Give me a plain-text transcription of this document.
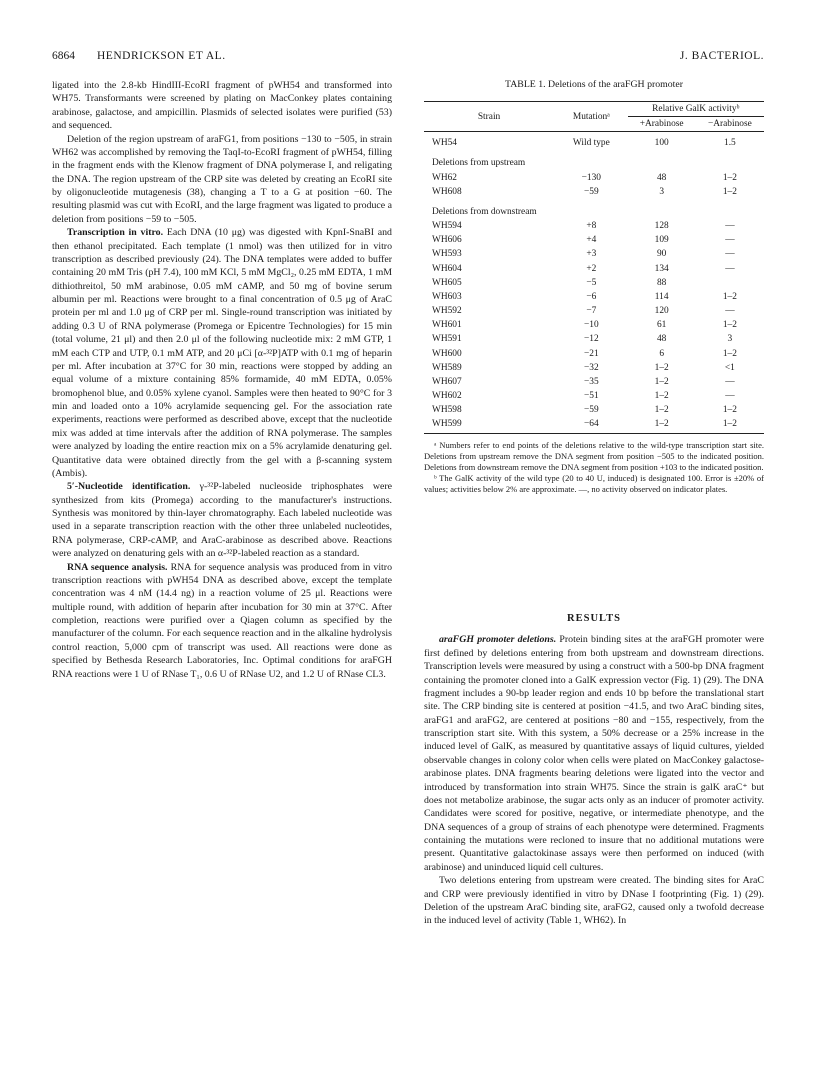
6864 HENDRICKSON ET AL.	J. BACTERIOL.

ligated into the 2.8-kb HindIII-EcoRI fragment of pWH54 and transformed into WH75. Transformants were screened by plating on MacConkey plates containing arabinose, galactose, and ampicillin. Plasmids of selected isolates were purified (53) and sequenced.

Deletion of the region upstream of araFG1, from positions −130 to −505, in strain WH62 was accomplished by removing the TaqI-to-EcoRI fragment of pWH54, filling in the fragment ends with the Klenow fragment of DNA polymerase I, and religating the DNA. The region upstream of the CRP site was deleted by creating an EcoRI site by oligonucleotide mutagenesis (38), changing a T to a G at position −60. The resulting plasmid was cut with EcoRI, and the large fragment was ligated to produce a deletion from positions −59 to −505.

Transcription in vitro. Each DNA (10 μg) was digested with KpnI-SnaBI and then ethanol precipitated. Each template (1 nmol) was then utilized for in vitro transcription as described previously (24). The DNA templates were added to buffer containing 20 mM Tris (pH 7.4), 100 mM KCl, 5 mM MgCl₂, 0.25 mM EDTA, 1 mM dithiothreitol, 50 mM arabinose, 0.05 mM cAMP, and 50 mg of bovine serum albumin per ml. Reactions were brought to a final concentration of 0.5 μg of AraC protein per ml and 1.0 μg of CRP per ml. Single-round transcription was initiated by adding 0.3 U of RNA polymerase (Promega or Epicentre Technologies) for 15 min (total volume, 21 μl) and then 2.0 μl of the following nucleotide mix: 2 mM GTP, 1 mM each CTP and UTP, 0.1 mM ATP, and 20 μCi [α-³²P]ATP with 0.1 mg of heparin per ml. After incubation at 37°C for 30 min, reactions were stopped by adding an equal volume of a mixture containing 85% formamide, 40 mM EDTA, 0.05% bromophenol blue, and 0.05% xylene cyanol. Samples were then heated to 90°C for 3 min and loaded onto a 10% acrylamide sequencing gel. For the association rate experiments, reactions were performed as described above, except that the nucleotide mix was added at time intervals after the addition of RNA polymerase. The samples were analyzed by loading the entire reaction mix on a 5% acrylamide denaturing gel. Quantitative data were obtained directly from the gel with a β-scanning system (Ambis).

5′-Nucleotide identification. γ-³²P-labeled nucleoside triphosphates were synthesized from kits (Promega) according to the manufacturer's instructions. Synthesis was monitored by thin-layer chromatography. Each labeled nucleotide was used in a separate transcription reaction with the other three unlabeled nucleotides, RNA polymerase, CRP-cAMP, and AraC-arabinose as described above. Reactions were analyzed on denaturing gels with an α-³²P-labeled reaction as a standard.

RNA sequence analysis. RNA for sequence analysis was produced from in vitro transcription reactions with pWH54 DNA as described above, except the template concentration was 4 nM (14.4 ng) in a reaction volume of 25 μl. Reactions were multiple round, with addition of heparin after incubation for 30 min at 37°C. After completion, reactions were purified over a Qiagen column as specified by the manufacturer of the column. For each sequence reaction and in the alkaline hydrolysis control reaction, 5,000 cpm of transcript was used. All reactions were done as specified by Bethesda Research Laboratories, Inc. Optimal conditions for araFGH RNA reactions were 1 U of RNase T₁, 0.6 U of RNase U2, and 1.2 U of RNase CL3.

TABLE 1. Deletions of the araFGH promoter
Strain	Mutationᵃ	Relative GalK activityᵇ	
		+Arabinose	−Arabinose
WH54	Wild type	100	1.5
Deletions from upstream			
WH62	−130	48	1–2
WH608	−59	3	1–2
Deletions from downstream			
WH594	+8	128	—
WH606	+4	109	—
WH593	+3	90	—
WH604	+2	134	—
WH605	−5	88	
WH603	−6	114	1–2
WH592	−7	120	—
WH601	−10	61	1–2
WH591	−12	48	3
WH600	−21	6	1–2
WH589	−32	1–2	<1
WH607	−35	1–2	—
WH602	−51	1–2	—
WH598	−59	1–2	1–2
WH599	−64	1–2	1–2

ᵃ Numbers refer to end points of the deletions relative to the wild-type transcription start site. Deletions from upstream remove the DNA segment from position −505 to the indicated position. Deletions from downstream remove the DNA segment from position +103 to the indicated position.

ᵇ The GalK activity of the wild type (20 to 40 U, induced) is designated 100. Error is ±20% of values; activities below 2% are approximate. —, no activity observed on indicator plates.

RESULTS

araFGH promoter deletions. Protein binding sites at the araFGH promoter were first defined by deletions entering from both upstream and downstream directions. Transcription levels were measured by using a construct with a 500-bp DNA fragment containing the promoter cloned into a GalK expression vector (Fig. 1) (29). The DNA fragment includes a 90-bp leader region and ends 10 bp before the translational start site. The CRP binding site is centered at position −41.5, and two AraC binding sites, araFG1 and araFG2, are centered at positions −80 and −155, respectively, from the transcription start site. With this system, a 50% decrease or a 25% increase in the induced level of GalK, as measured by quantitative assays of liquid cultures, yielded observable changes in colony color when cells were plated on MacConkey galactose-arabinose plates. DNA fragments bearing deletions were ligated into the vector and introduced by transformation into strain WH75. Since the strain is galK araC⁺ but does not metabolize arabinose, the sugar acts only as an inducer of promoter activity. Candidates were scored for positive, negative, or intermediate phenotype, and the DNA sequences of a group of strains of each phenotype were determined. Fragments containing the mutations were recloned to insure that no additional mutations were present. Quantitative galactokinase assays were then performed on induced (with arabinose) and uninduced liquid cell cultures.

Two deletions entering from upstream were created. The binding sites for AraC and CRP were previously identified in vitro by DNase I footprinting (Fig. 1) (29). Deletion of the upstream AraC binding site, araFG2, caused only a twofold decrease in the induced level of activity (Table 1, WH62). In
